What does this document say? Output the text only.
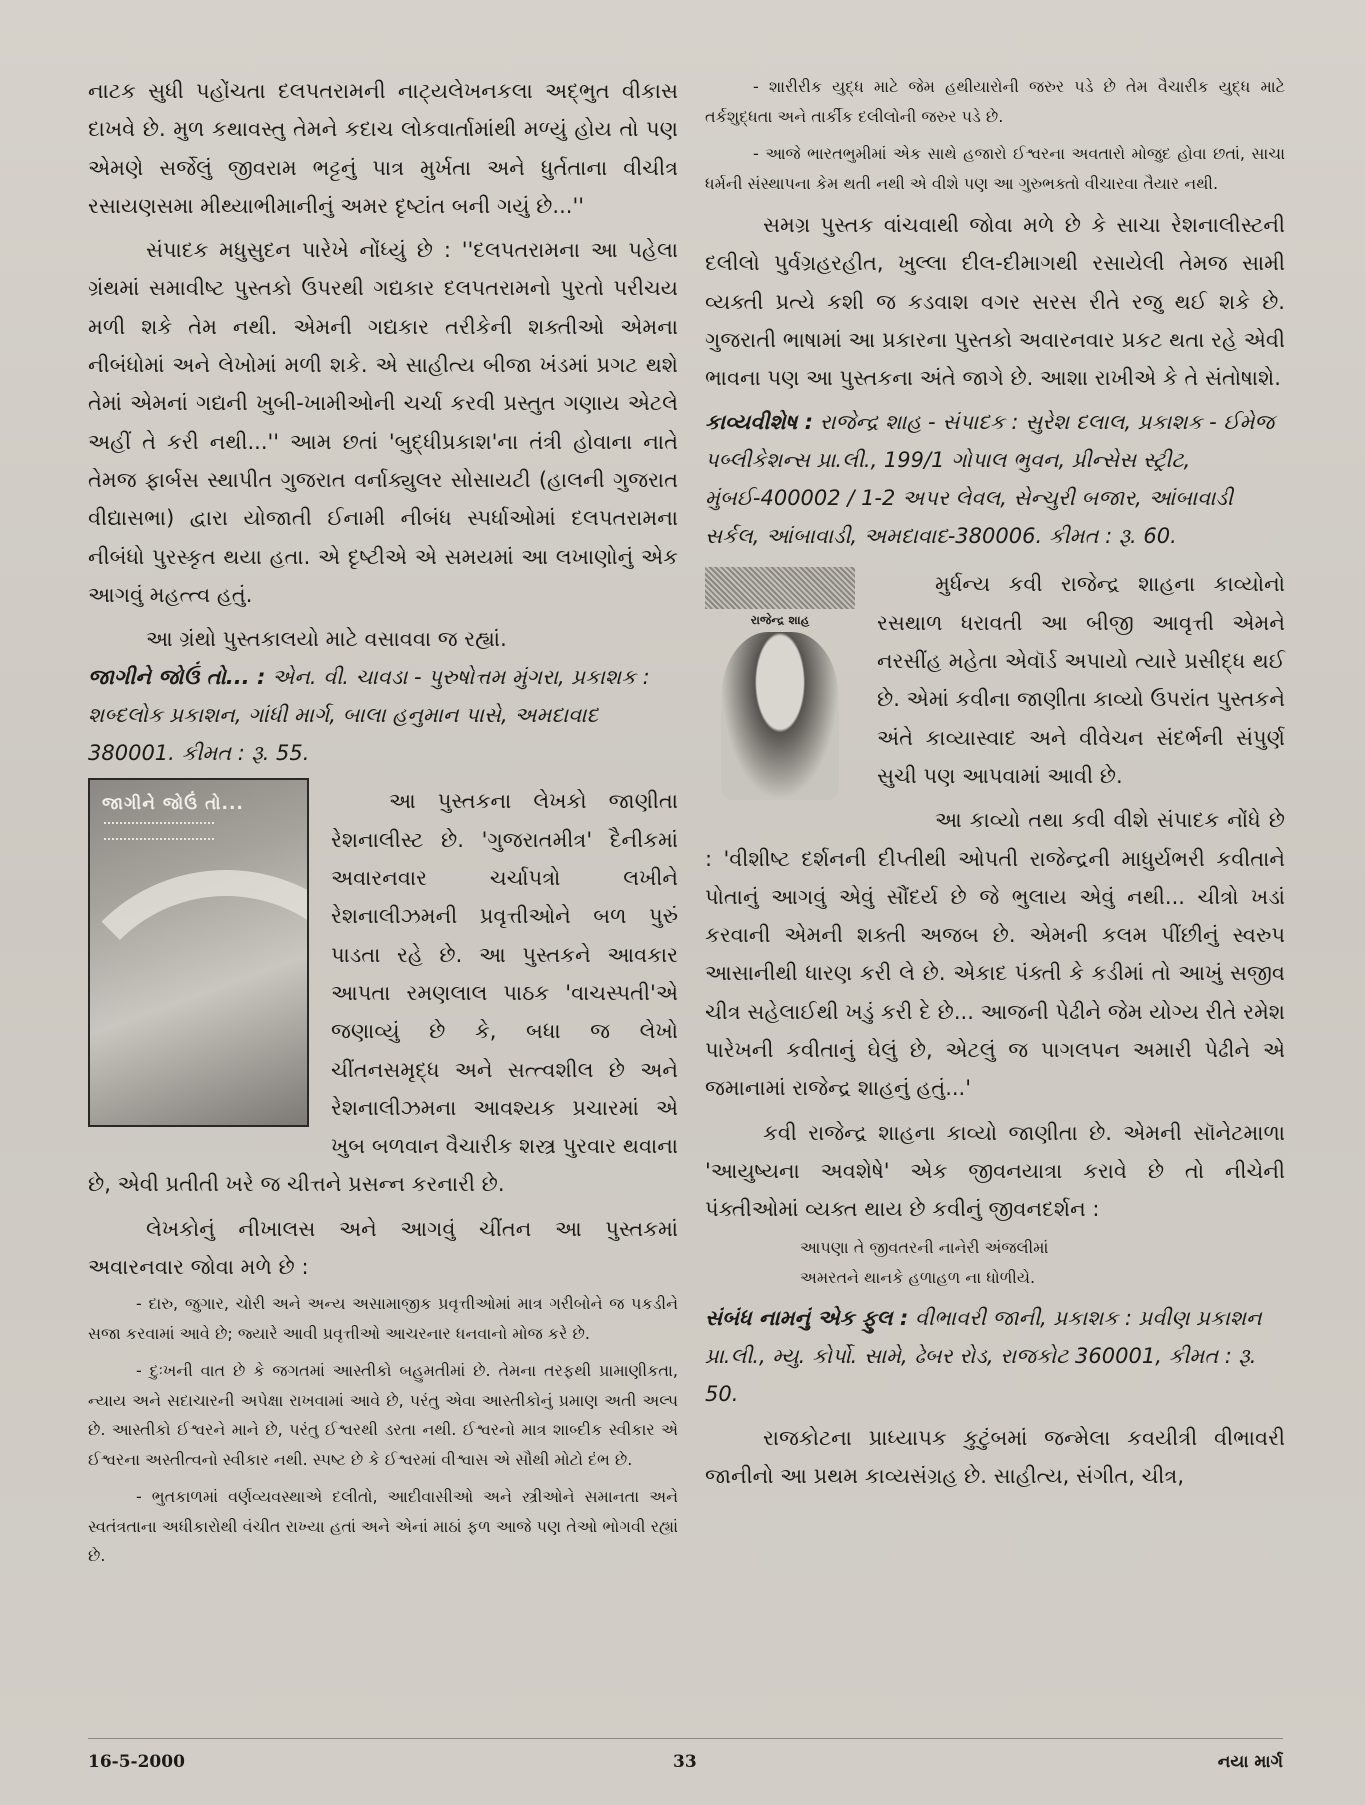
નાટક સુધી પહોંચતા દલપતરામની નાટ્યલેખનકલા અદ્ભુત વીકાસ દાખવે છે. મુળ કથાવસ્તુ તેમને કદાચ લોકવાર્તામાંથી મળ્યું હોય તો પણ એમણે સર્જેલું જીવરામ ભટ્ટનું પાત્ર મુર્ખતા અને ધુર્તતાના વીચીત્ર રસાયણસમા મીથ્યાભીમાનીનું અમર દૃષ્ટાંત બની ગયું છે...''

સંપાદક મધુસુદન પારેખે નોંધ્યું છે : ''દલપતરામના આ પહેલા ગ્રંથમાં સમાવીષ્ટ પુસ્તકો ઉપરથી ગદ્યકાર દલપતરામનો પુરતો પરીચય મળી શકે તેમ નથી. એમની ગદ્યકાર તરીકેની શક્તીઓ એમના નીબંધોમાં અને લેખોમાં મળી શકે. એ સાહીત્ય બીજા ખંડમાં પ્રગટ થશે તેમાં એમનાં ગદ્યની ખુબી-ખામીઓની ચર્ચા કરવી પ્રસ્તુત ગણાય એટલે અહીં તે કરી નથી...'' આમ છતાં 'બુદ્ધીપ્રકાશ'ના તંત્રી હોવાના નાતે તેમજ ફાર્બસ સ્થાપીત ગુજરાત વર્નાક્યુલર સોસાયટી (હાલની ગુજરાત વીદ્યાસભા) દ્વારા યોજાતી ઈનામી નીબંધ સ્પર્ધાઓમાં દલપતરામના નીબંધો પુરસ્કૃત થયા હતા. એ દૃષ્ટીએ એ સમયમાં આ લખાણોનું એક આગવું મહત્ત્વ હતું.

આ ગ્રંથો પુસ્તકાલયો માટે વસાવવા જ રહ્યાં.

જાગીને જોઉં તો... : એન. વી. ચાવડા - પુરુષોત્તમ મુંગરા, પ્રકાશક : શબ્દલોક પ્રકાશન, ગાંધી માર્ગ, બાલા હનુમાન પાસે, અમદાવાદ 380001. કીમત : રૂ. 55.

જાગીને જોઉં તો...	આ પુસ્તકના લેખકો જાણીતા રેશનાલીસ્ટ છે. 'ગુજરાતમીત્ર' દૈનીકમાં અવારનવાર ચર્ચાપત્રો લખીને રેશનાલીઝમની પ્રવૃત્તીઓને બળ પુરું પાડતા રહે છે. આ પુસ્તકને આવકાર આપતા રમણલાલ પાઠક 'વાચસ્પતી'એ જણાવ્યું છે કે, બધા જ લેખો ચીંતનસમૃદ્ધ અને સત્ત્વશીલ છે અને રેશનાલીઝમના આવશ્યક પ્રચારમાં એ ખુબ બળવાન વૈચારીક શસ્ત્ર પુરવાર થવાના છે, એવી પ્રતીતી ખરે જ ચીત્તને પ્રસન્ન કરનારી છે.

લેખકોનું નીખાલસ અને આગવું ચીંતન આ પુસ્તકમાં અવારનવાર જોવા મળે છે :

- દારુ, જુગાર, ચોરી અને અન્ય અસામાજીક પ્રવૃત્તીઓમાં માત્ર ગરીબોને જ પકડીને સજા કરવામાં આવે છે; જ્યારે આવી પ્રવૃત્તીઓ આચરનાર ધનવાનો મોજ કરે છે.

- દુઃખની વાત છે કે જગતમાં આસ્તીકો બહુમતીમાં છે. તેમના તરફથી પ્રામાણીકતા, ન્યાય અને સદાચારની અપેક્ષા રાખવામાં આવે છે, પરંતુ એવા આસ્તીકોનું પ્રમાણ અતી અલ્પ છે. આસ્તીકો ઈશ્વરને માને છે, પરંતુ ઈશ્વરથી ડરતા નથી. ઈશ્વરનો માત્ર શાબ્દીક સ્વીકાર એ ઈશ્વરના અસ્તીત્વનો સ્વીકાર નથી. સ્પષ્ટ છે કે ઈશ્વરમાં વીશ્વાસ એ સૌથી મોટો દંભ છે.

- ભુતકાળમાં વર્ણવ્યવસ્થાએ દલીતો, આદીવાસીઓ અને સ્ત્રીઓને સમાનતા અને સ્વતંત્રતાના અધીકારોથી વંચીત રાખ્યા હતાં અને એનાં માઠાં ફળ આજે પણ તેઓ ભોગવી રહ્યાં છે.

- શારીરીક યુદ્ધ માટે જેમ હથીયારોની જરુર પડે છે તેમ વૈચારીક યુદ્ધ માટે તર્કશુદ્ધતા અને તાર્કીક દલીલોની જરુર પડે છે.

- આજે ભારતભુમીમાં એક સાથે હજારો ઈશ્વરના અવતારો મોજુદ હોવા છતાં, સાચા ધર્મની સંસ્થાપના કેમ થતી નથી એ વીશે પણ આ ગુરુભક્તો વીચારવા તૈયાર નથી.

સમગ્ર પુસ્તક વાંચવાથી જોવા મળે છે કે સાચા રેશનાલીસ્ટની દલીલો પુર્વગ્રહરહીત, ખુલ્લા દીલ-દીમાગથી રસાયેલી તેમજ સામી વ્યક્તી પ્રત્યે કશી જ કડવાશ વગર સરસ રીતે રજુ થઈ શકે છે. ગુજરાતી ભાષામાં આ પ્રકારના પુસ્તકો અવારનવાર પ્રકટ થતા રહે એવી ભાવના પણ આ પુસ્તકના અંતે જાગે છે. આશા રાખીએ કે તે સંતોષાશે.

કાવ્યવીશેષ : રાજેન્દ્ર શાહ - સંપાદક : સુરેશ દલાલ, પ્રકાશક - ઈમેજ પબ્લીકેશન્સ પ્રા.લી., 199/1 ગોપાલ ભુવન, પ્રીન્સેસ સ્ટ્રીટ, મુંબઈ-400002 / 1-2 અપર લેવલ, સેન્ચુરી બજાર, આંબાવાડી સર્કલ, આંબાવાડી, અમદાવાદ-380006. કીમત : રૂ. 60.

રાજેન્દ્ર શાહ

મુર્ધન્ય કવી રાજેન્દ્ર શાહના કાવ્યોનો રસથાળ ધરાવતી આ બીજી આવૃત્તી એમને નરસીંહ મહેતા એવૉર્ડ અપાયો ત્યારે પ્રસીદ્ધ થઈ છે. એમાં કવીના જાણીતા કાવ્યો ઉપરાંત પુસ્તકને અંતે કાવ્યાસ્વાદ અને વીવેચન સંદર્ભની સંપુર્ણ સુચી પણ આપવામાં આવી છે.

આ કાવ્યો તથા કવી વીશે સંપાદક નોંધે છે : 'વીશીષ્ટ દર્શનની દીપ્તીથી ઓપતી રાજેન્દ્રની માધુર્યભરી કવીતાને પોતાનું આગવું એવું સૌંદર્ય છે જે ભુલાય એવું નથી... ચીત્રો ખડાં કરવાની એમની શક્તી અજબ છે. એમની કલમ પીંછીનું સ્વરુપ આસાનીથી ધારણ કરી લે છે. એકાદ પંક્તી કે કડીમાં તો આખું સજીવ ચીત્ર સહેલાઈથી ખડું કરી દે છે... આજની પેઢીને જેમ યોગ્ય રીતે રમેશ પારેખની કવીતાનું ઘેલું છે, એટલું જ પાગલપન અમારી પેઢીને એ જમાનામાં રાજેન્દ્ર શાહનું હતું...'

કવી રાજેન્દ્ર શાહના કાવ્યો જાણીતા છે. એમની સૉનેટમાળા 'આયુષ્યના અવશેષે' એક જીવનયાત્રા કરાવે છે તો નીચેની પંક્તીઓમાં વ્યક્ત થાય છે કવીનું જીવનદર્શન :

આપણા તે જીવતરની નાનેરી અંજલીમાં
અમરતને થાનકે હળાહળ ના ધોળીયે.

સંબંધ નામનું એક ફુલ : વીભાવરી જાની, પ્રકાશક : પ્રવીણ પ્રકાશન પ્રા.લી., મ્યુ. કોર્પો. સામે, ઢેબર રોડ, રાજકોટ 360001, કીમત : રૂ. 50.

રાજકોટના પ્રાધ્યાપક કુટુંબમાં જન્મેલા કવયીત્રી વીભાવરી જાનીનો આ પ્રથમ કાવ્યસંગ્રહ છે. સાહીત્ય, સંગીત, ચીત્ર,

16-5-2000	33	નયા માર્ગ
